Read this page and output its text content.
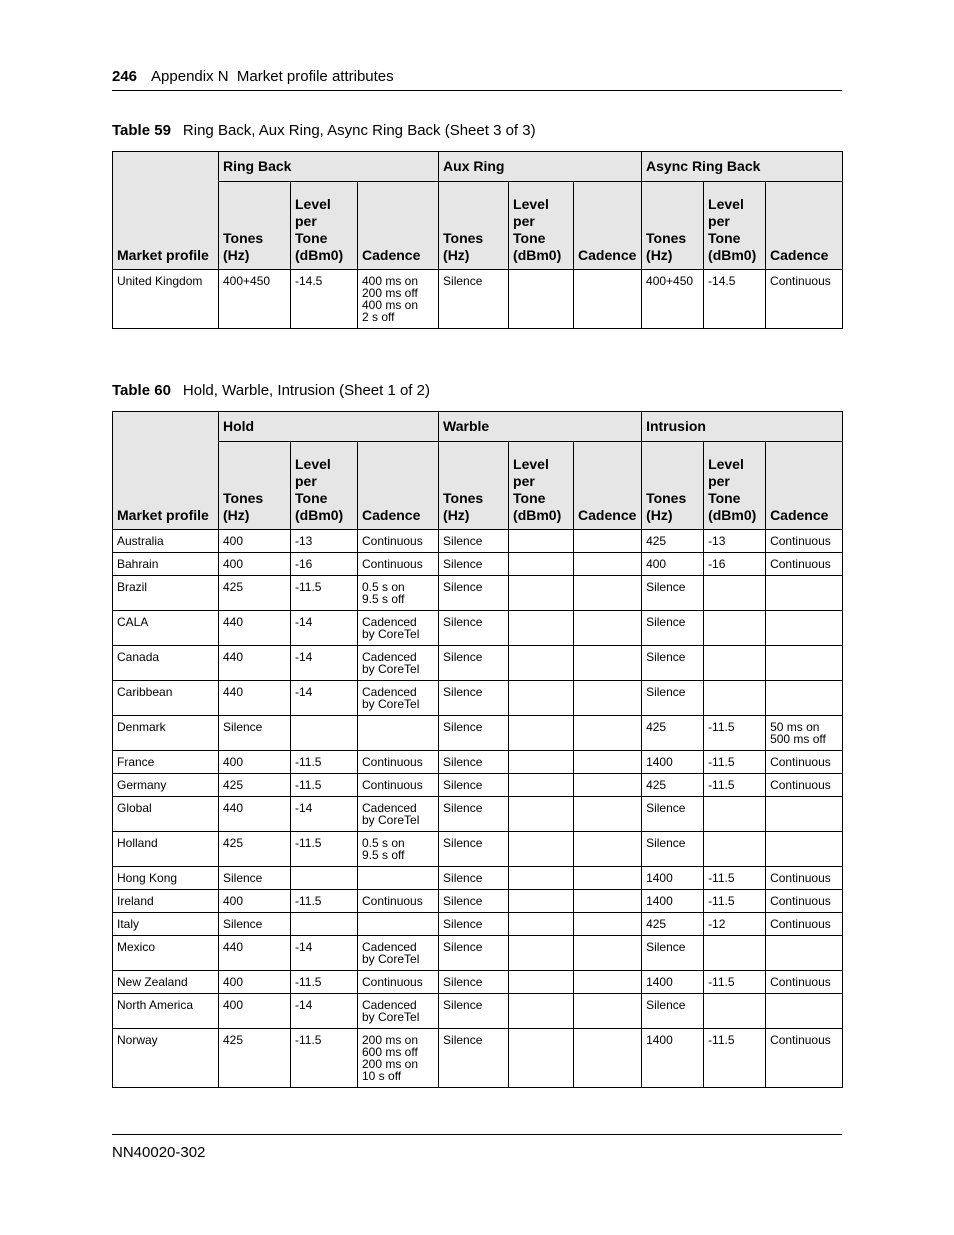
246 Appendix N  Market profile attributes
Table 59 Ring Back, Aux Ring, Async Ring Back (Sheet 3 of 3)
Market profile	Ring Back			Aux Ring			Async Ring Back		

	Tones
(Hz)	Level
per Tone
(dBm0)	Cadence	Tones
(Hz)	Level
per
Tone
(dBm0)	Cadence	Tones
(Hz)	Level
per
Tone
(dBm0)	Cadence

United Kingdom	400+450	-14.5	400 ms on
200 ms off
400 ms on
2 s off	Silence			400+450	-14.5	Continuous
Table 60 Hold, Warble, Intrusion (Sheet 1 of 2)
Market profile	Hold			Warble			Intrusion		

	Tones
(Hz)	Level
per Tone
(dBm0)	Cadence	Tones
(Hz)	Level
per
Tone
(dBm0)	Cadence	Tones
(Hz)	Level
per
Tone
(dBm0)	Cadence

Australia	400	-13	Continuous	Silence			425	-13	Continuous

Bahrain	400	-16	Continuous	Silence			400	-16	Continuous

Brazil	425	-11.5	0.5 s on
9.5 s off	Silence			Silence		

CALA	440	-14	Cadenced
by CoreTel	Silence			Silence		

Canada	440	-14	Cadenced
by CoreTel	Silence			Silence		

Caribbean	440	-14	Cadenced
by CoreTel	Silence			Silence		

Denmark	Silence			Silence			425	-11.5	50 ms on
500 ms off

France	400	-11.5	Continuous	Silence			1400	-11.5	Continuous

Germany	425	-11.5	Continuous	Silence			425	-11.5	Continuous

Global	440	-14	Cadenced
by CoreTel	Silence			Silence		

Holland	425	-11.5	0.5 s on
9.5 s off	Silence			Silence		

Hong Kong	Silence			Silence			1400	-11.5	Continuous

Ireland	400	-11.5	Continuous	Silence			1400	-11.5	Continuous

Italy	Silence			Silence			425	-12	Continuous

Mexico	440	-14	Cadenced
by CoreTel	Silence			Silence		

New Zealand	400	-11.5	Continuous	Silence			1400	-11.5	Continuous

North America	400	-14	Cadenced
by CoreTel	Silence			Silence		

Norway	425	-11.5	200 ms on
600 ms off
200 ms on
10 s off	Silence			1400	-11.5	Continuous
NN40020-302
